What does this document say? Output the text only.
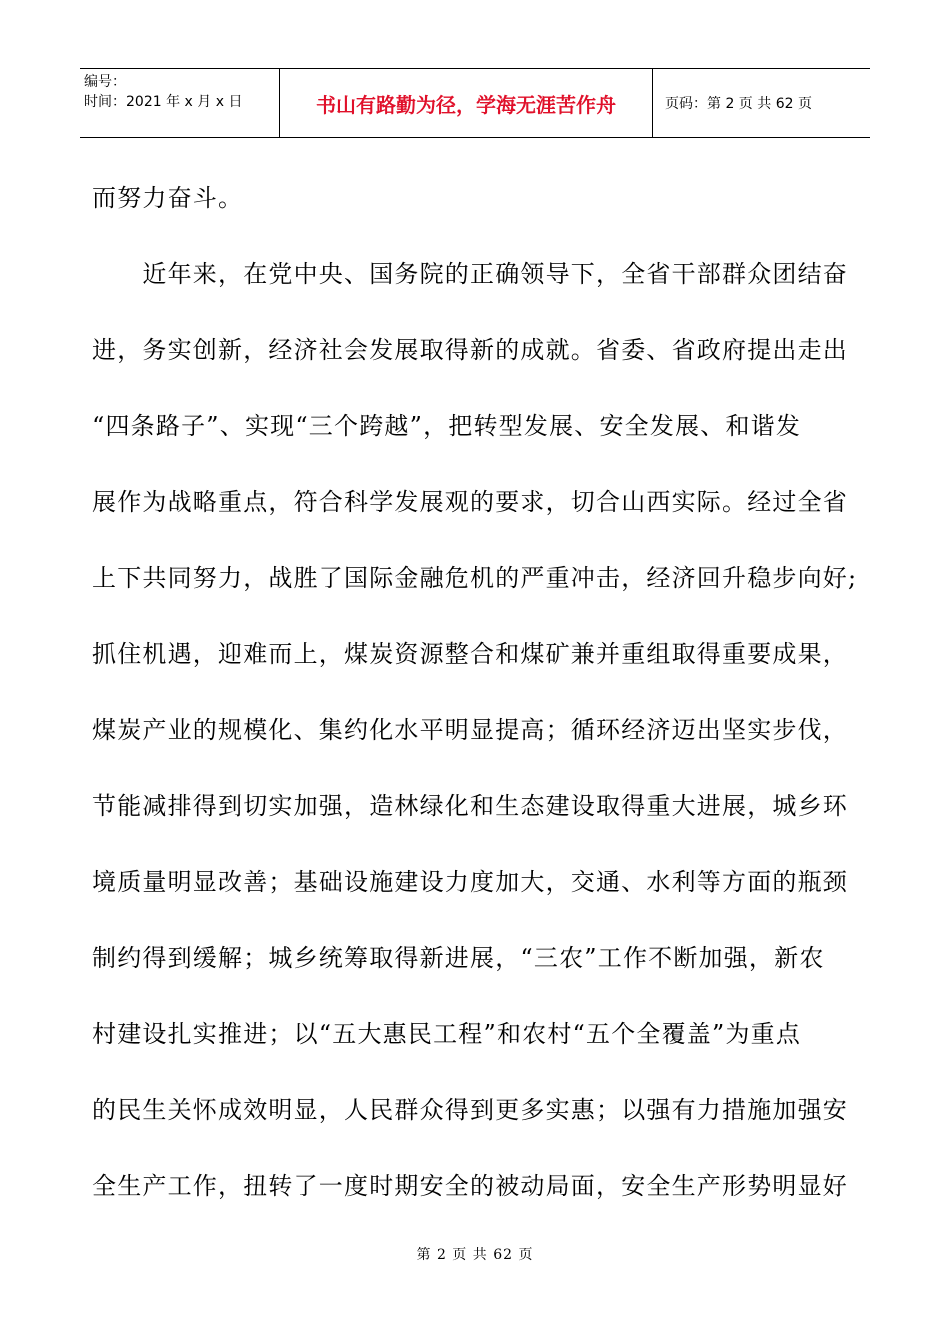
编号：
时间：2021 年 x 月 x 日	书山有路勤为径，学海无涯苦作舟	页码：第 2 页 共 62 页
而努力奋斗。
　　近年来，在党中央、国务院的正确领导下，全省干部群众团结奋
进，务实创新，经济社会发展取得新的成就。省委、省政府提出走出
“四条路子”、实现“三个跨越”，把转型发展、安全发展、和谐发
展作为战略重点，符合科学发展观的要求，切合山西实际。经过全省
上下共同努力，战胜了国际金融危机的严重冲击，经济回升稳步向好;
抓住机遇，迎难而上，煤炭资源整合和煤矿兼并重组取得重要成果，
煤炭产业的规模化、集约化水平明显提高；循环经济迈出坚实步伐，
节能减排得到切实加强，造林绿化和生态建设取得重大进展，城乡环
境质量明显改善；基础设施建设力度加大，交通、水利等方面的瓶颈
制约得到缓解；城乡统筹取得新进展，“三农”工作不断加强，新农
村建设扎实推进；以“五大惠民工程”和农村“五个全覆盖”为重点
的民生关怀成效明显，人民群众得到更多实惠；以强有力措施加强安
全生产工作，扭转了一度时期安全的被动局面，安全生产形势明显好
第 2 页 共 62 页
